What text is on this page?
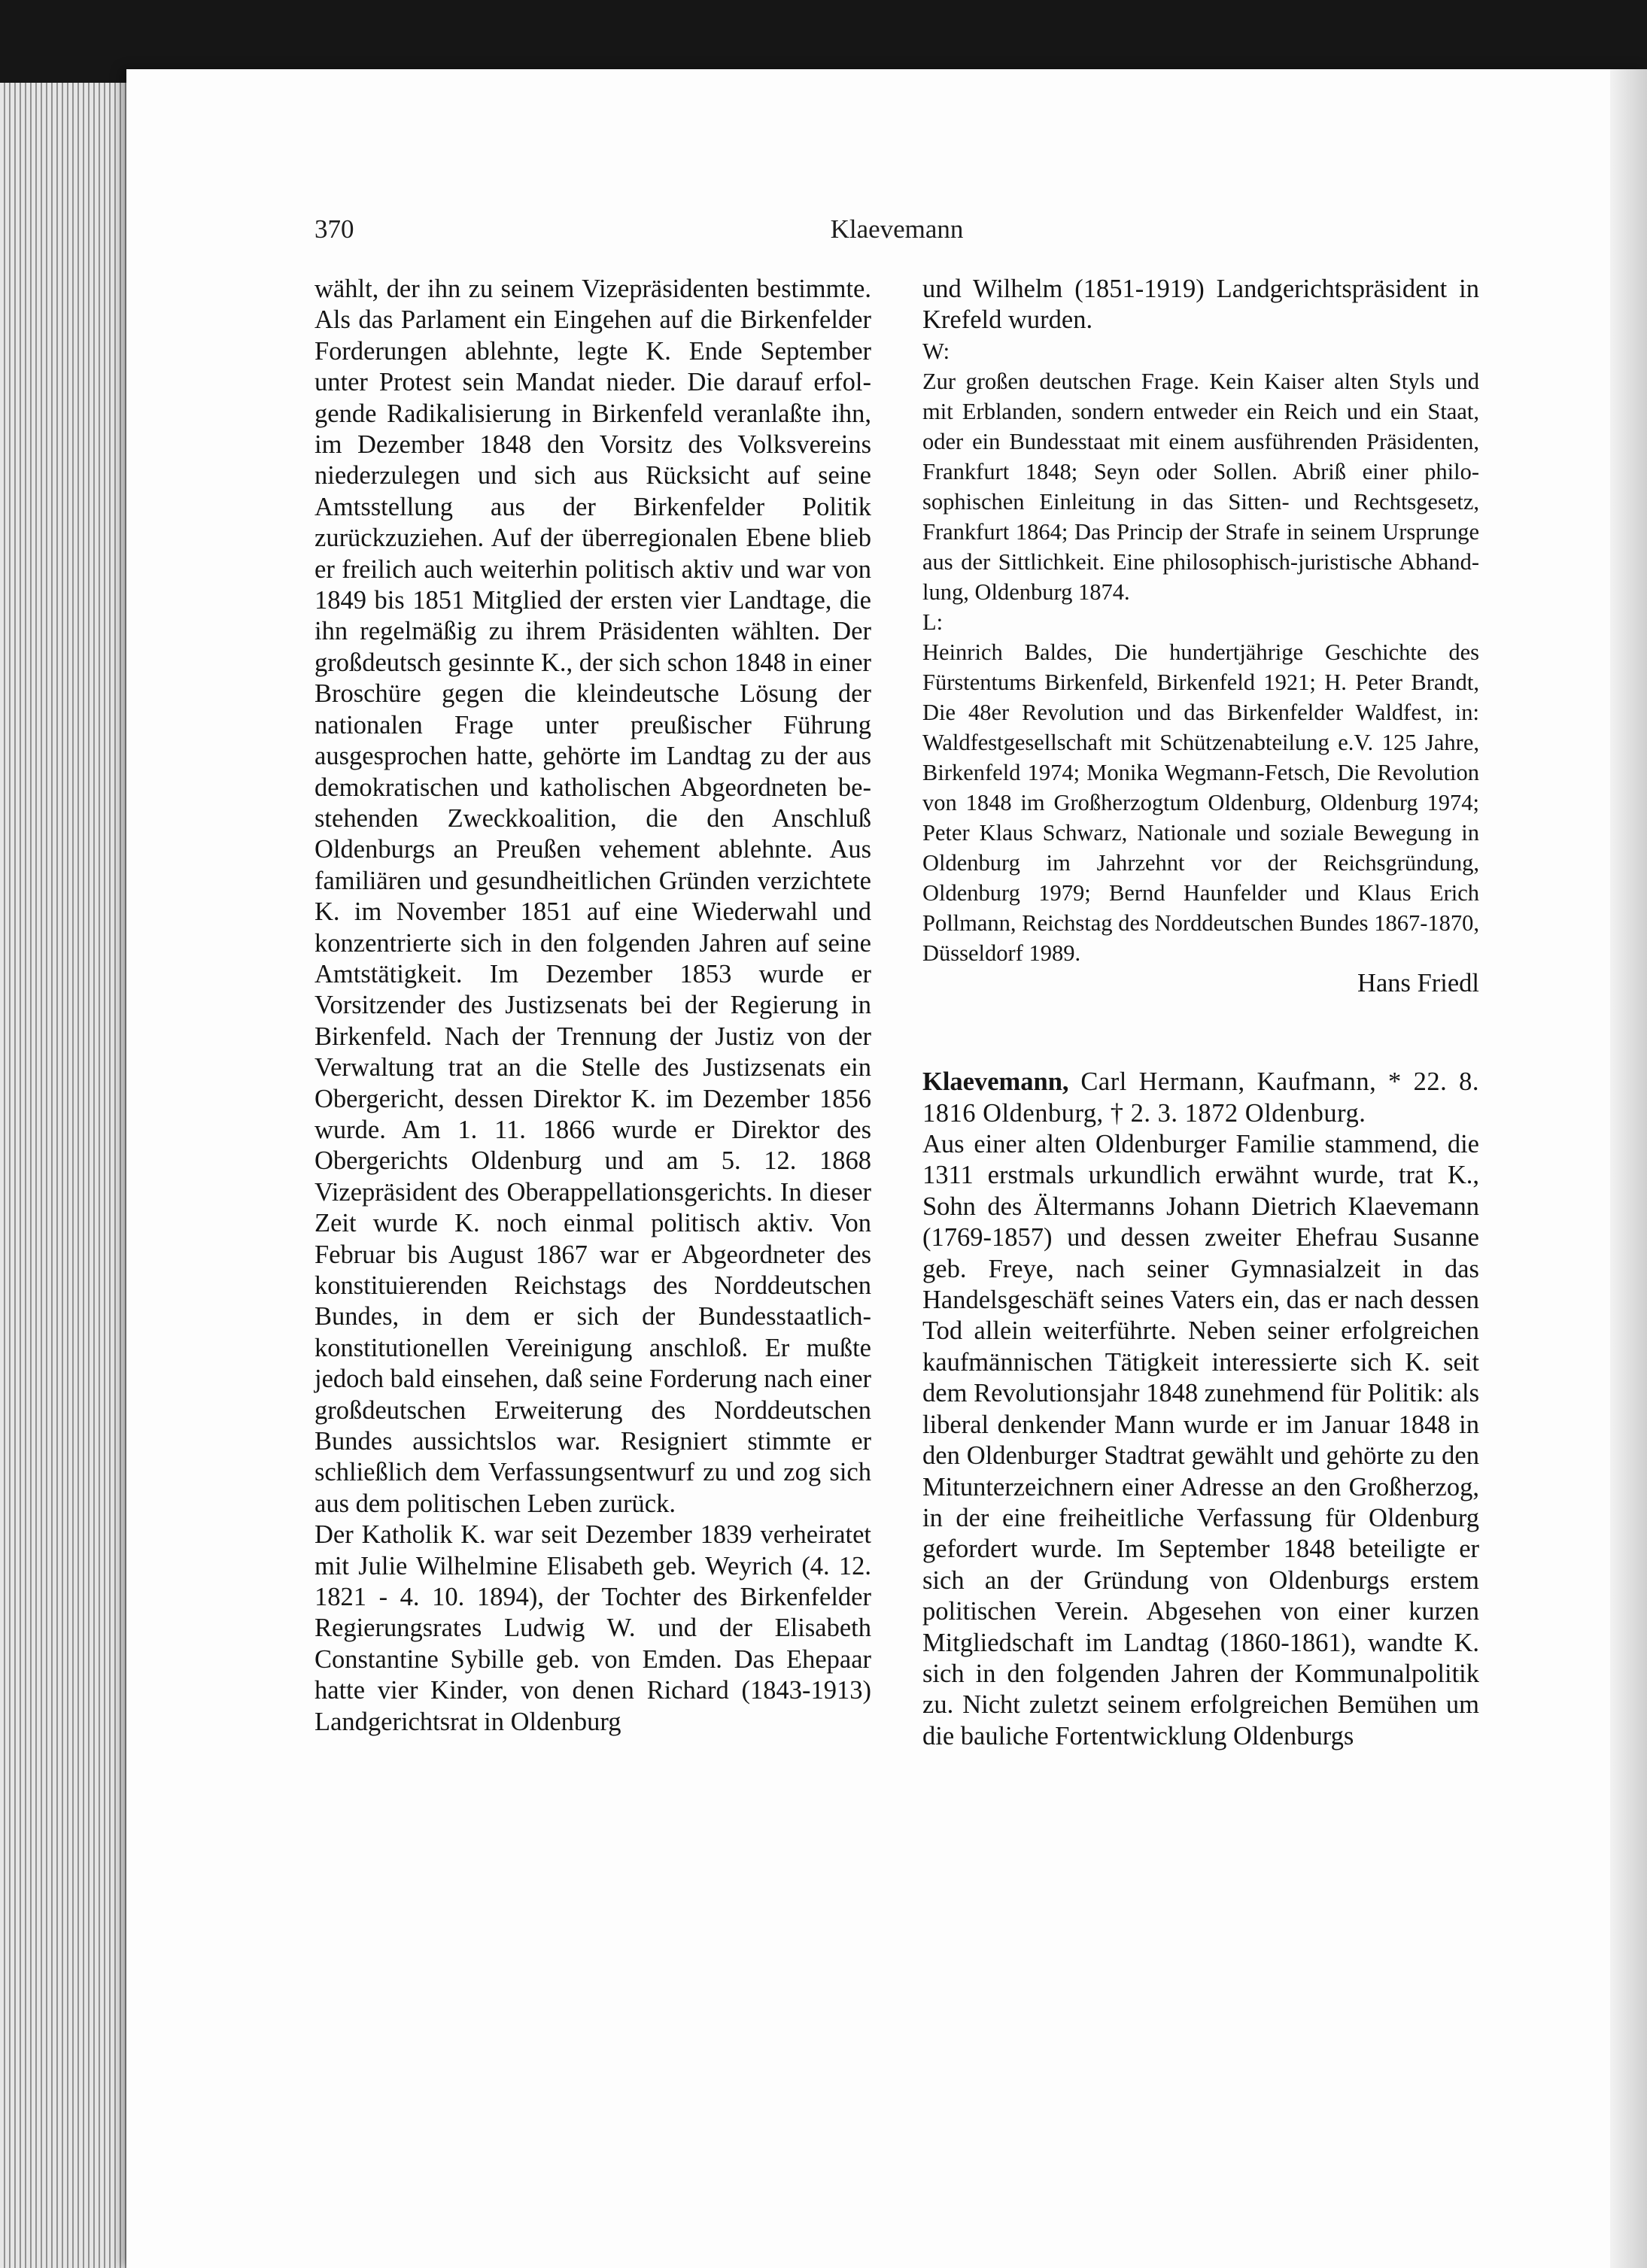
Klaevemann
370

wählt, der ihn zu seinem Vizepräsidenten bestimmte. Als das Parlament ein Eingehen auf die Birkenfelder Forderungen ablehnte, legte K. Ende September unter Protest sein Mandat nieder. Die darauf erfolgende Radikalisierung in Birkenfeld veranlaßte ihn, im Dezember 1848 den Vorsitz des Volksvereins niederzulegen und sich aus Rücksicht auf seine Amtsstellung aus der Birkenfelder Politik zurückzuziehen. Auf der überregionalen Ebene blieb er freilich auch weiterhin politisch aktiv und war von 1849 bis 1851 Mitglied der ersten vier Landtage, die ihn regelmäßig zu ihrem Präsidenten wählten. Der großdeutsch gesinnte K., der sich schon 1848 in einer Broschüre gegen die kleindeutsche Lösung der nationalen Frage unter preußischer Führung ausgesprochen hatte, gehörte im Landtag zu der aus demokratischen und katholischen Abgeordneten bestehenden Zweckkoalition, die den Anschluß Oldenburgs an Preußen vehement ablehnte. Aus familiären und gesundheitlichen Gründen verzichtete K. im November 1851 auf eine Wiederwahl und konzentrierte sich in den folgenden Jahren auf seine Amtstätigkeit. Im Dezember 1853 wurde er Vorsitzender des Justizsenats bei der Regierung in Birkenfeld. Nach der Trennung der Justiz von der Verwaltung trat an die Stelle des Justizsenats ein Obergericht, dessen Direktor K. im Dezember 1856 wurde. Am 1. 11. 1866 wurde er Direktor des Obergerichts Oldenburg und am 5. 12. 1868 Vizepräsident des Oberappellationsgerichts. In dieser Zeit wurde K. noch einmal politisch aktiv. Von Februar bis August 1867 war er Abgeordneter des konstituierenden Reichstags des Norddeutschen Bundes, in dem er sich der Bundesstaatlich-konstitutionellen Vereinigung anschloß. Er mußte jedoch bald einsehen, daß seine Forderung nach einer großdeutschen Erweiterung des Norddeutschen Bundes aussichtslos war. Resigniert stimmte er schließlich dem Verfassungsentwurf zu und zog sich aus dem politischen Leben zurück.

Der Katholik K. war seit Dezember 1839 verheiratet mit Julie Wilhelmine Elisabeth geb. Weyrich (4. 12. 1821 - 4. 10. 1894), der Tochter des Birkenfelder Regierungsrates Ludwig W. und der Elisabeth Constantine Sybille geb. von Emden. Das Ehepaar hatte vier Kinder, von denen Richard (1843-1913) Landgerichtsrat in Oldenburg

und Wilhelm (1851-1919) Landgerichtspräsident in Krefeld wurden.

W:

Zur großen deutschen Frage. Kein Kaiser alten Styls und mit Erblanden, sondern entweder ein Reich und ein Staat, oder ein Bundesstaat mit einem ausführenden Präsidenten, Frankfurt 1848; Seyn oder Sollen. Abriß einer philosophischen Einleitung in das Sitten- und Rechtsgesetz, Frankfurt 1864; Das Princip der Strafe in seinem Ursprunge aus der Sittlichkeit. Eine philosophisch-juristische Abhandlung, Oldenburg 1874.

L:

Heinrich Baldes, Die hundertjährige Geschichte des Fürstentums Birkenfeld, Birkenfeld 1921; H. Peter Brandt, Die 48er Revolution und das Birkenfelder Waldfest, in: Waldfestgesellschaft mit Schützenabteilung e.V. 125 Jahre, Birkenfeld 1974; Monika Wegmann-Fetsch, Die Revolution von 1848 im Großherzogtum Oldenburg, Oldenburg 1974; Peter Klaus Schwarz, Nationale und soziale Bewegung in Oldenburg im Jahrzehnt vor der Reichsgründung, Oldenburg 1979; Bernd Haunfelder und Klaus Erich Pollmann, Reichstag des Norddeutschen Bundes 1867-1870, Düsseldorf 1989.

Hans Friedl

Klaevemann, Carl Hermann, Kaufmann, * 22. 8. 1816 Oldenburg, † 2. 3. 1872 Oldenburg.

Aus einer alten Oldenburger Familie stammend, die 1311 erstmals urkundlich erwähnt wurde, trat K., Sohn des Ältermanns Johann Dietrich Klaevemann (1769-1857) und dessen zweiter Ehefrau Susanne geb. Freye, nach seiner Gymnasialzeit in das Handelsgeschäft seines Vaters ein, das er nach dessen Tod allein weiterführte. Neben seiner erfolgreichen kaufmännischen Tätigkeit interessierte sich K. seit dem Revolutionsjahr 1848 zunehmend für Politik: als liberal denkender Mann wurde er im Januar 1848 in den Oldenburger Stadtrat gewählt und gehörte zu den Mitunterzeichnern einer Adresse an den Großherzog, in der eine freiheitliche Verfassung für Oldenburg gefordert wurde. Im September 1848 beteiligte er sich an der Gründung von Oldenburgs erstem politischen Verein. Abgesehen von einer kurzen Mitgliedschaft im Landtag (1860-1861), wandte K. sich in den folgenden Jahren der Kommunalpolitik zu. Nicht zuletzt seinem erfolgreichen Bemühen um die bauliche Fortentwicklung Oldenburgs
